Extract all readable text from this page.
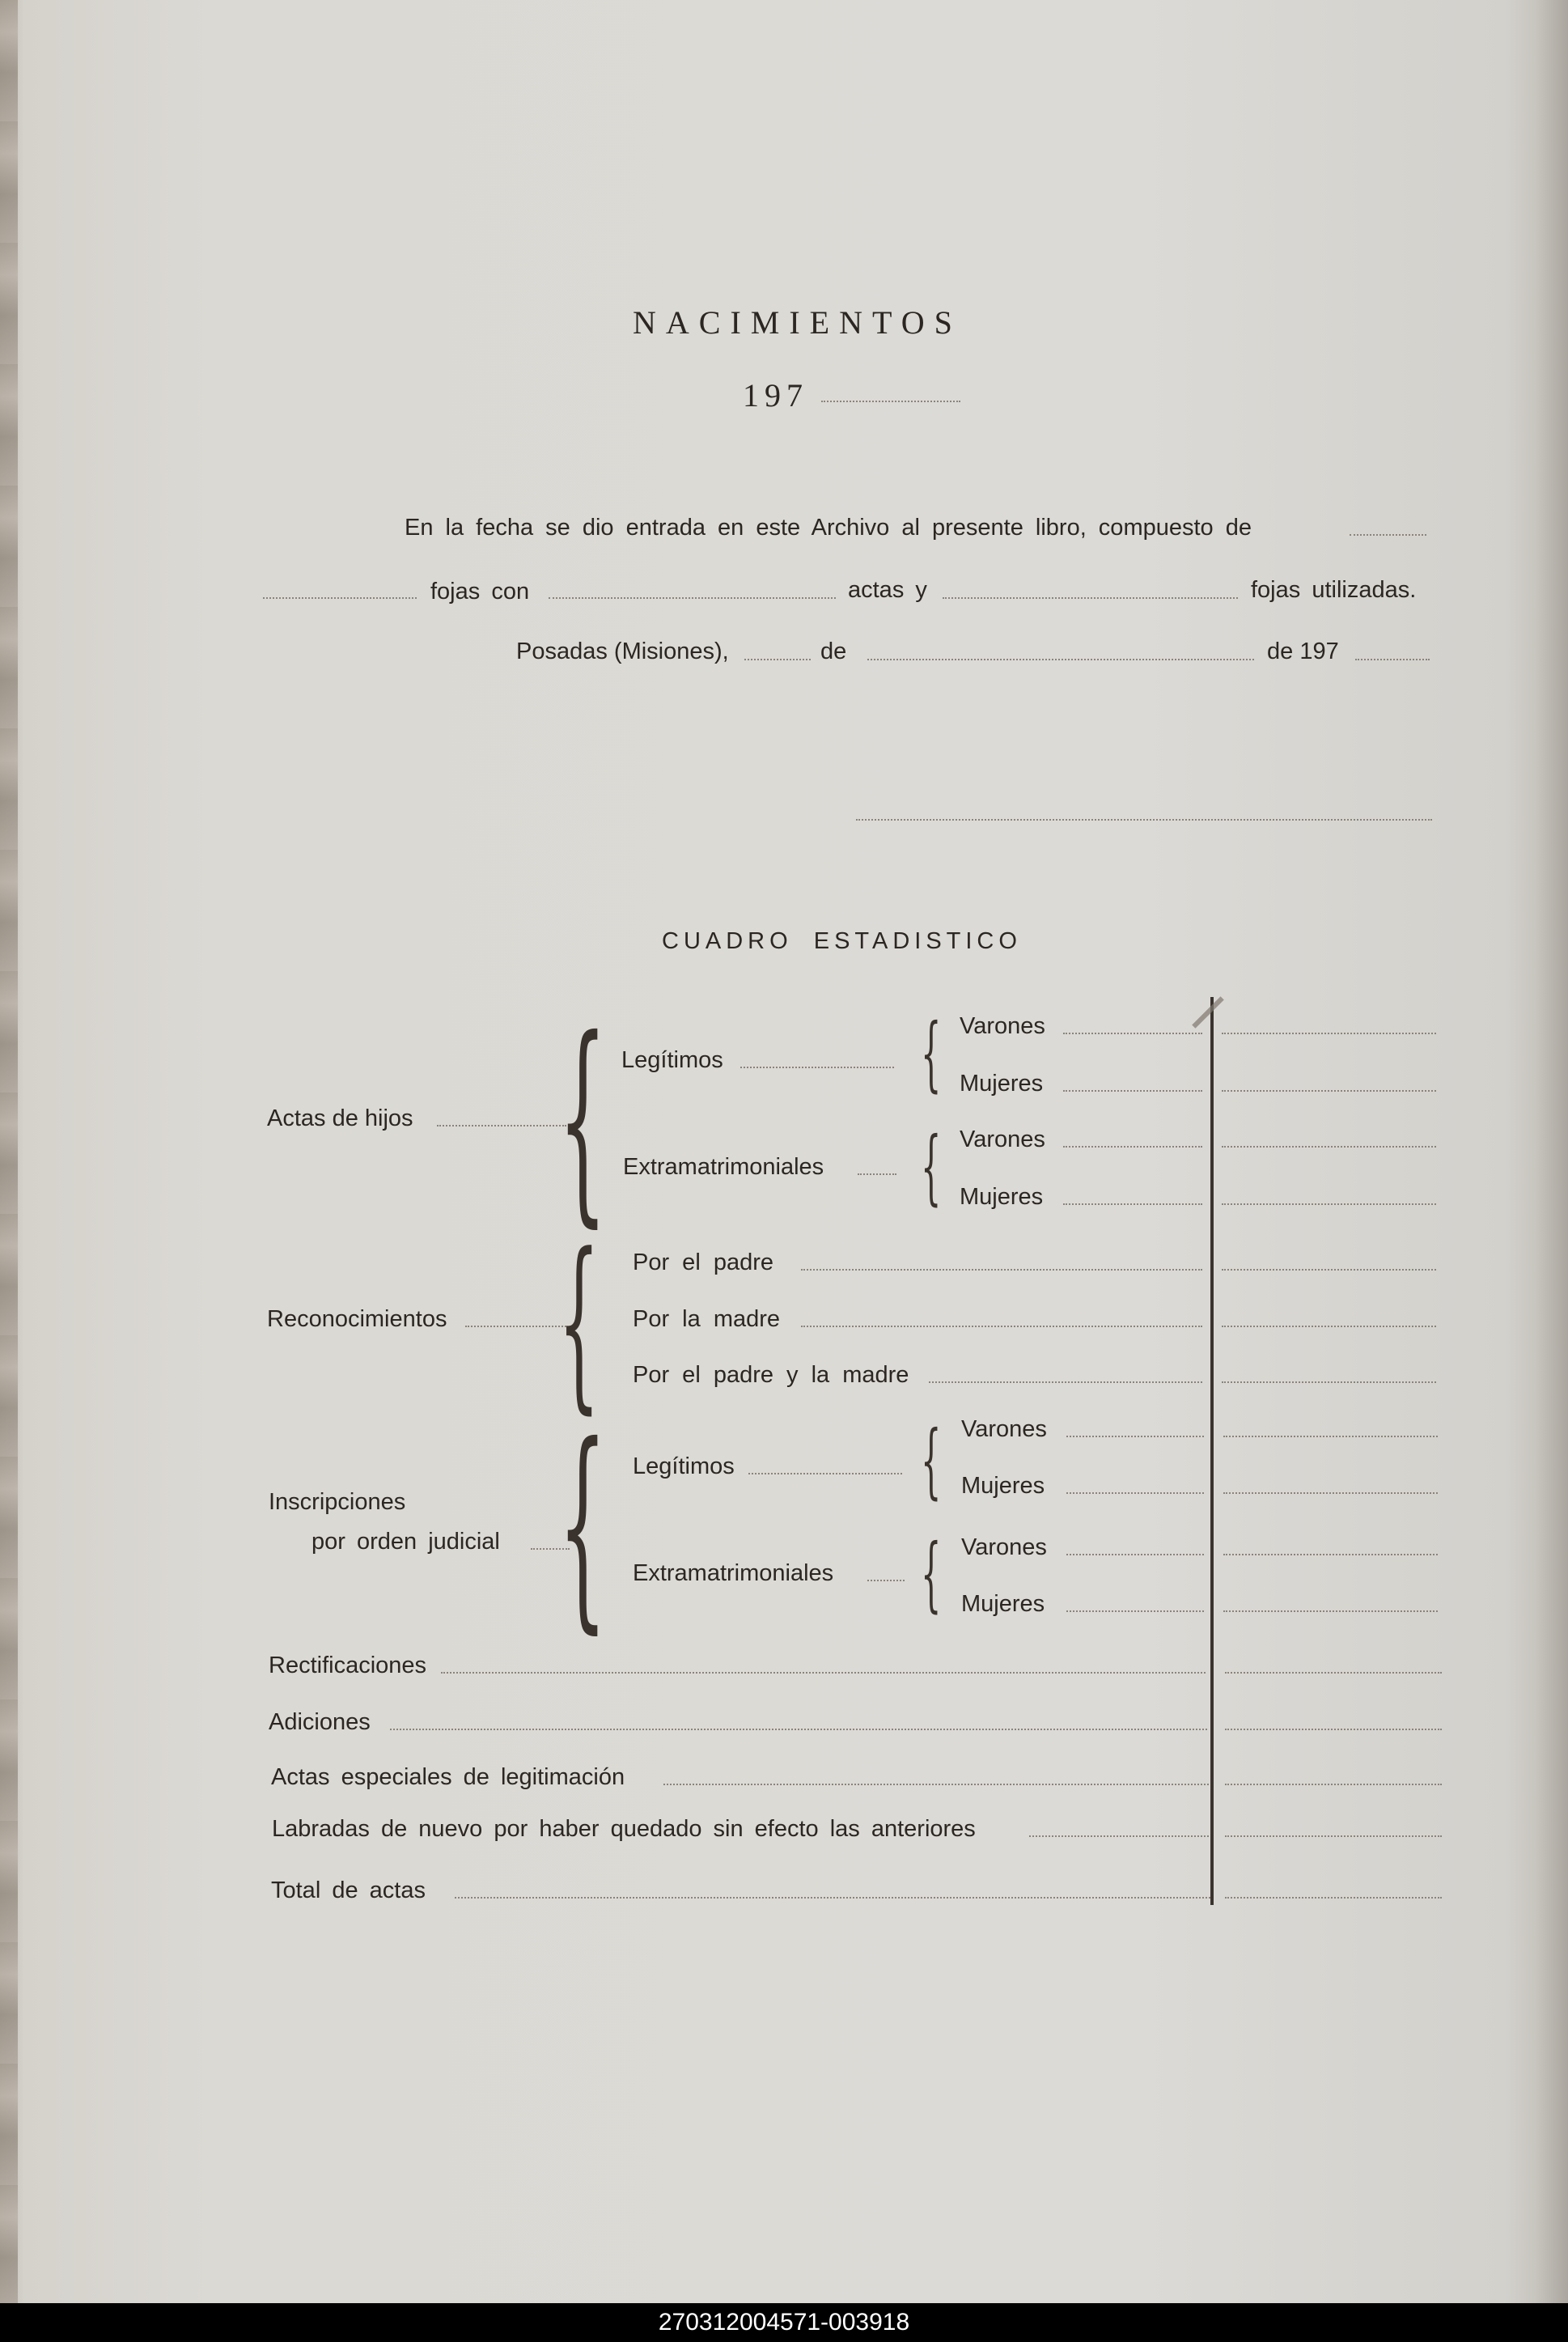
NACIMIENTOS
197
En la fecha se dio entrada en este Archivo al presente libro, compuesto de
fojas con	actas y	fojas utilizadas.
Posadas (Misiones),	de	de 197
CUADRO ESTADISTICO
Actas de hijos { Legítimos { Varones
Mujeres
Extramatrimoniales { Varones
Mujeres
Reconocimientos { Por el padre
Por la madre
Por el padre y la madre
Inscripciones
por orden judicial { Legítimos { Varones
Mujeres
Extramatrimoniales { Varones
Mujeres
Rectificaciones
Adiciones
Actas especiales de legitimación
Labradas de nuevo por haber quedado sin efecto las anteriores
Total de actas
270312004571-003918
